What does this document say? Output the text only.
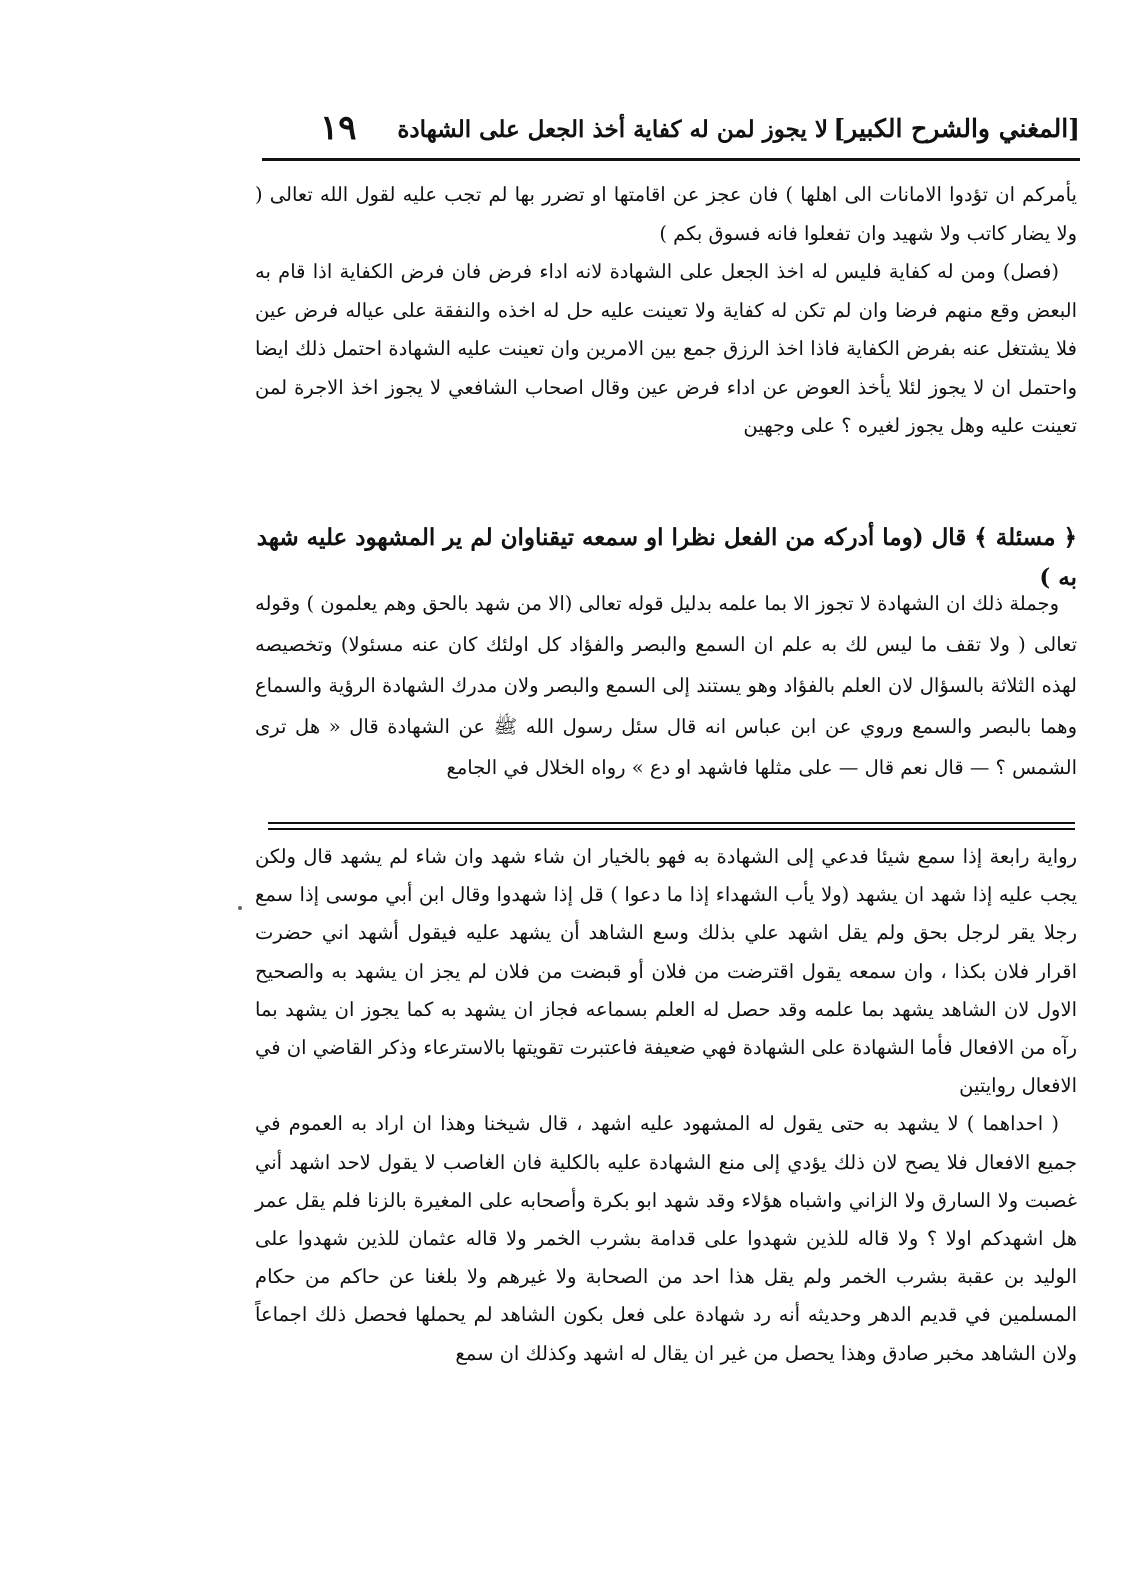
[المغني والشرح الكبير]
لا يجوز لمن له كفاية أخذ الجعل على الشهادة
١٩

يأمركم ان تؤدوا الامانات الى اهلها ) فان عجز عن اقامتها او تضرر بها لم تجب عليه لقول الله تعالى ( ولا يضار كاتب ولا شهيد وان تفعلوا فانه فسوق بكم )

(فصل) ومن له كفاية فليس له اخذ الجعل على الشهادة لانه اداء فرض فان فرض الكفاية اذا قام به البعض وقع منهم فرضا وان لم تكن له كفاية ولا تعينت عليه حل له اخذه والنفقة على عياله فرض عين فلا يشتغل عنه بفرض الكفاية فاذا اخذ الرزق جمع بين الامرين وان تعينت عليه الشهادة احتمل ذلك ايضا واحتمل ان لا يجوز لئلا يأخذ العوض عن اداء فرض عين وقال اصحاب الشافعي لا يجوز اخذ الاجرة لمن تعينت عليه وهل يجوز لغيره ؟ على وجهين

﴿ مسئلة ﴾ قال (وما أدركه من الفعل نظرا او سمعه تيقناوان لم ير المشهود عليه شهد به )

وجملة ذلك ان الشهادة لا تجوز الا بما علمه بدليل قوله تعالى (الا من شهد بالحق وهم يعلمون ) وقوله تعالى ( ولا تقف ما ليس لك به علم ان السمع والبصر والفؤاد كل اولئك كان عنه مسئولا) وتخصيصه لهذه الثلاثة بالسؤال لان العلم بالفؤاد وهو يستند إلى السمع والبصر ولان مدرك الشهادة الرؤية والسماع وهما بالبصر والسمع وروي عن ابن عباس انه قال سئل رسول الله ﷺ عن الشهادة قال « هل ترى الشمس ؟ — قال نعم قال — على مثلها فاشهد او دع » رواه الخلال في الجامع

رواية رابعة إذا سمع شيئا فدعي إلى الشهادة به فهو بالخيار ان شاء شهد وان شاء لم يشهد قال ولكن يجب عليه إذا شهد ان يشهد (ولا يأب الشهداء إذا ما دعوا ) قل إذا شهدوا وقال ابن أبي موسى إذا سمع رجلا يقر لرجل بحق ولم يقل اشهد علي بذلك وسع الشاهد أن يشهد عليه فيقول أشهد اني حضرت اقرار فلان بكذا ، وان سمعه يقول اقترضت من فلان أو قبضت من فلان لم يجز ان يشهد به والصحيح الاول لان الشاهد يشهد بما علمه وقد حصل له العلم بسماعه فجاز ان يشهد به كما يجوز ان يشهد بما رآه من الافعال فأما الشهادة على الشهادة فهي ضعيفة فاعتبرت تقويتها بالاسترعاء وذكر القاضي ان في الافعال روايتين

( احداهما ) لا يشهد به حتى يقول له المشهود عليه اشهد ، قال شيخنا وهذا ان اراد به العموم في جميع الافعال فلا يصح لان ذلك يؤدي إلى منع الشهادة عليه بالكلية فان الغاصب لا يقول لاحد اشهد أني غصبت ولا السارق ولا الزاني واشباه هؤلاء وقد شهد ابو بكرة وأصحابه على المغيرة بالزنا فلم يقل عمر هل اشهدكم اولا ؟ ولا قاله للذين شهدوا على قدامة بشرب الخمر ولا قاله عثمان للذين شهدوا على الوليد بن عقبة بشرب الخمر ولم يقل هذا احد من الصحابة ولا غيرهم ولا بلغنا عن حاكم من حكام المسلمين في قديم الدهر وحديثه أنه رد شهادة على فعل بكون الشاهد لم يحملها فحصل ذلك اجماعاً ولان الشاهد مخبر صادق وهذا يحصل من غير ان يقال له اشهد وكذلك ان سمع
